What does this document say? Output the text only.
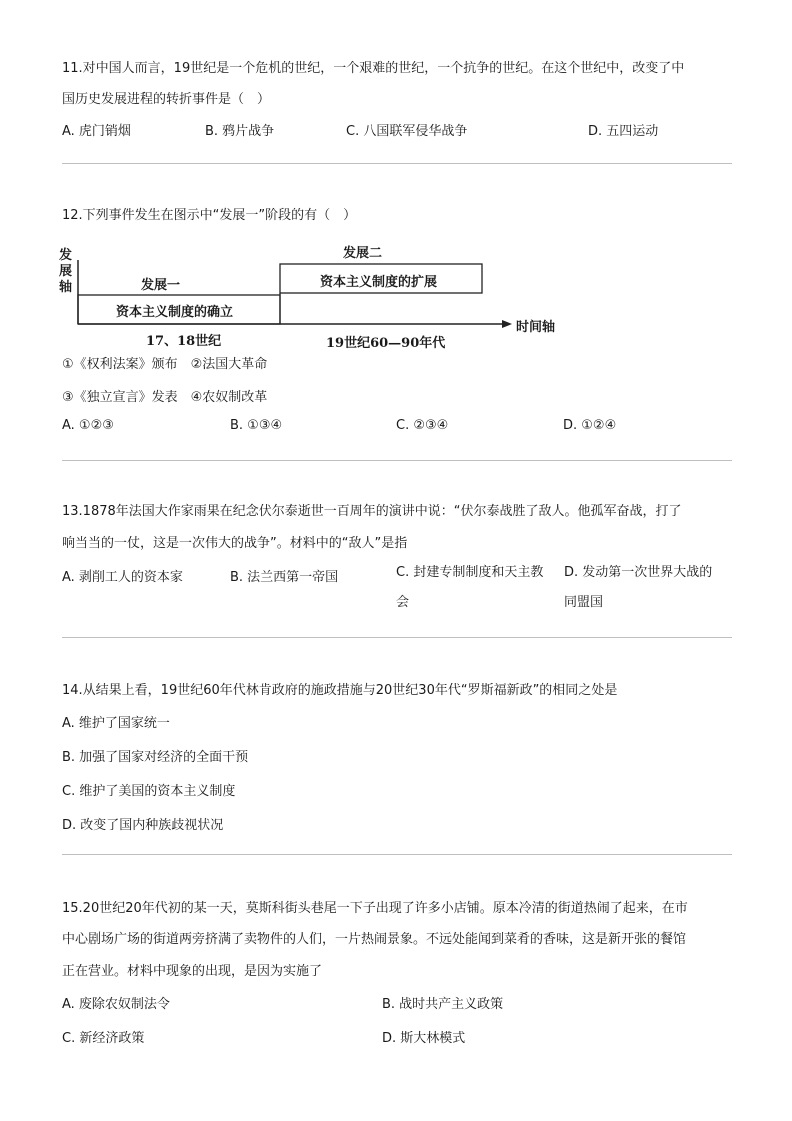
11.对中国人而言，19世纪是一个危机的世纪，一个艰难的世纪，一个抗争的世纪。在这个世纪中，改变了中
国历史发展进程的转折事件是（　）
A. 虎门销烟	B. 鸦片战争	C. 八国联军侵华战争	D. 五四运动
12.下列事件发生在图示中“发展一”阶段的有（　）
发展轴
发展二
资本主义制度的扩展
发展一
资本主义制度的确立
17、18世纪	19世纪60—90年代
时间轴
①《权利法案》颁布　②法国大革命
③《独立宣言》发表　④农奴制改革
A. ①②③	B. ①③④	C. ②③④	D. ①②④
13.1878年法国大作家雨果在纪念伏尔泰逝世一百周年的演讲中说：“伏尔泰战胜了敌人。他孤军奋战，打了
响当当的一仗，这是一次伟大的战争”。材料中的“敌人”是指
A. 剥削工人的资本家	B. 法兰西第一帝国	C. 封建专制制度和天主教会
D. 发动第一次世界大战的同盟国
14.从结果上看，19世纪60年代林肯政府的施政措施与20世纪30年代“罗斯福新政”的相同之处是
A. 维护了国家统一
B. 加强了国家对经济的全面干预
C. 维护了美国的资本主义制度
D. 改变了国内种族歧视状况
15.20世纪20年代初的某一天，莫斯科街头巷尾一下子出现了许多小店铺。原本冷清的街道热闹了起来，在市
中心剧场广场的街道两旁挤满了卖物件的人们，一片热闹景象。不远处能闻到菜肴的香味，这是新开张的餐馆
正在营业。材料中现象的出现，是因为实施了
A. 废除农奴制法令	B. 战时共产主义政策
C. 新经济政策	D. 斯大林模式
